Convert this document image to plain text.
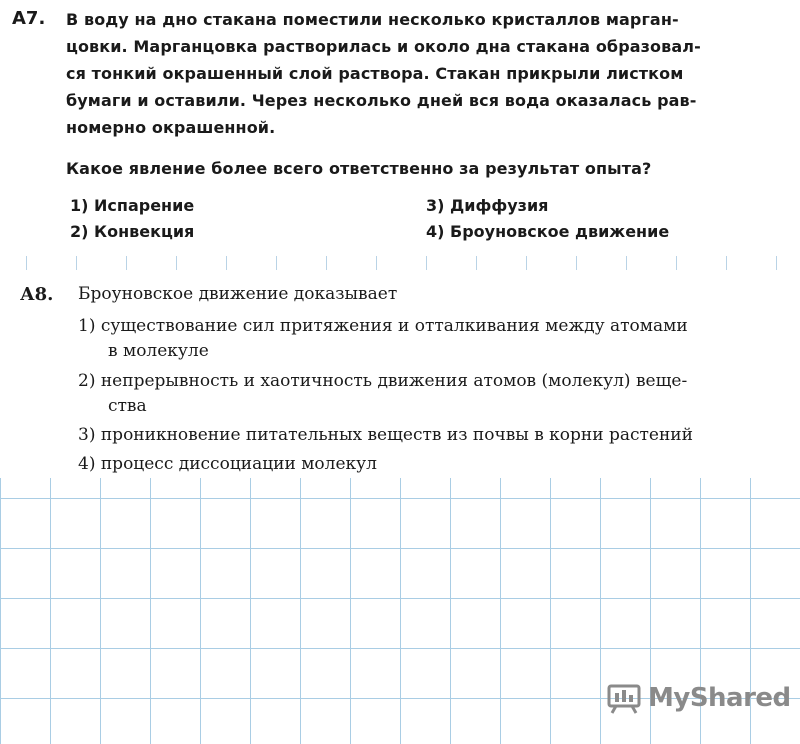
А7. В воду на дно стакана поместили несколько кристаллов марган-
цовки. Марганцовка растворилась и около дна стакана образовал-
ся тонкий окрашенный слой раствора. Стакан прикрыли листком
бумаги и оставили. Через несколько дней вся вода оказалась рав-
номерно окрашенной.
Какое явление более всего ответственно за результат опыта?
1) Испарение
2) Конвекция
3) Диффузия
4) Броуновское движение
А8. Броуновское движение доказывает
1) существование сил притяжения и отталкивания между атомами
в молекуле
2) непрерывность и хаотичность движения атомов (молекул) веще-
ства
3) проникновение питательных веществ из почвы в корни растений
4) процесс диссоциации молекул
MyShared
